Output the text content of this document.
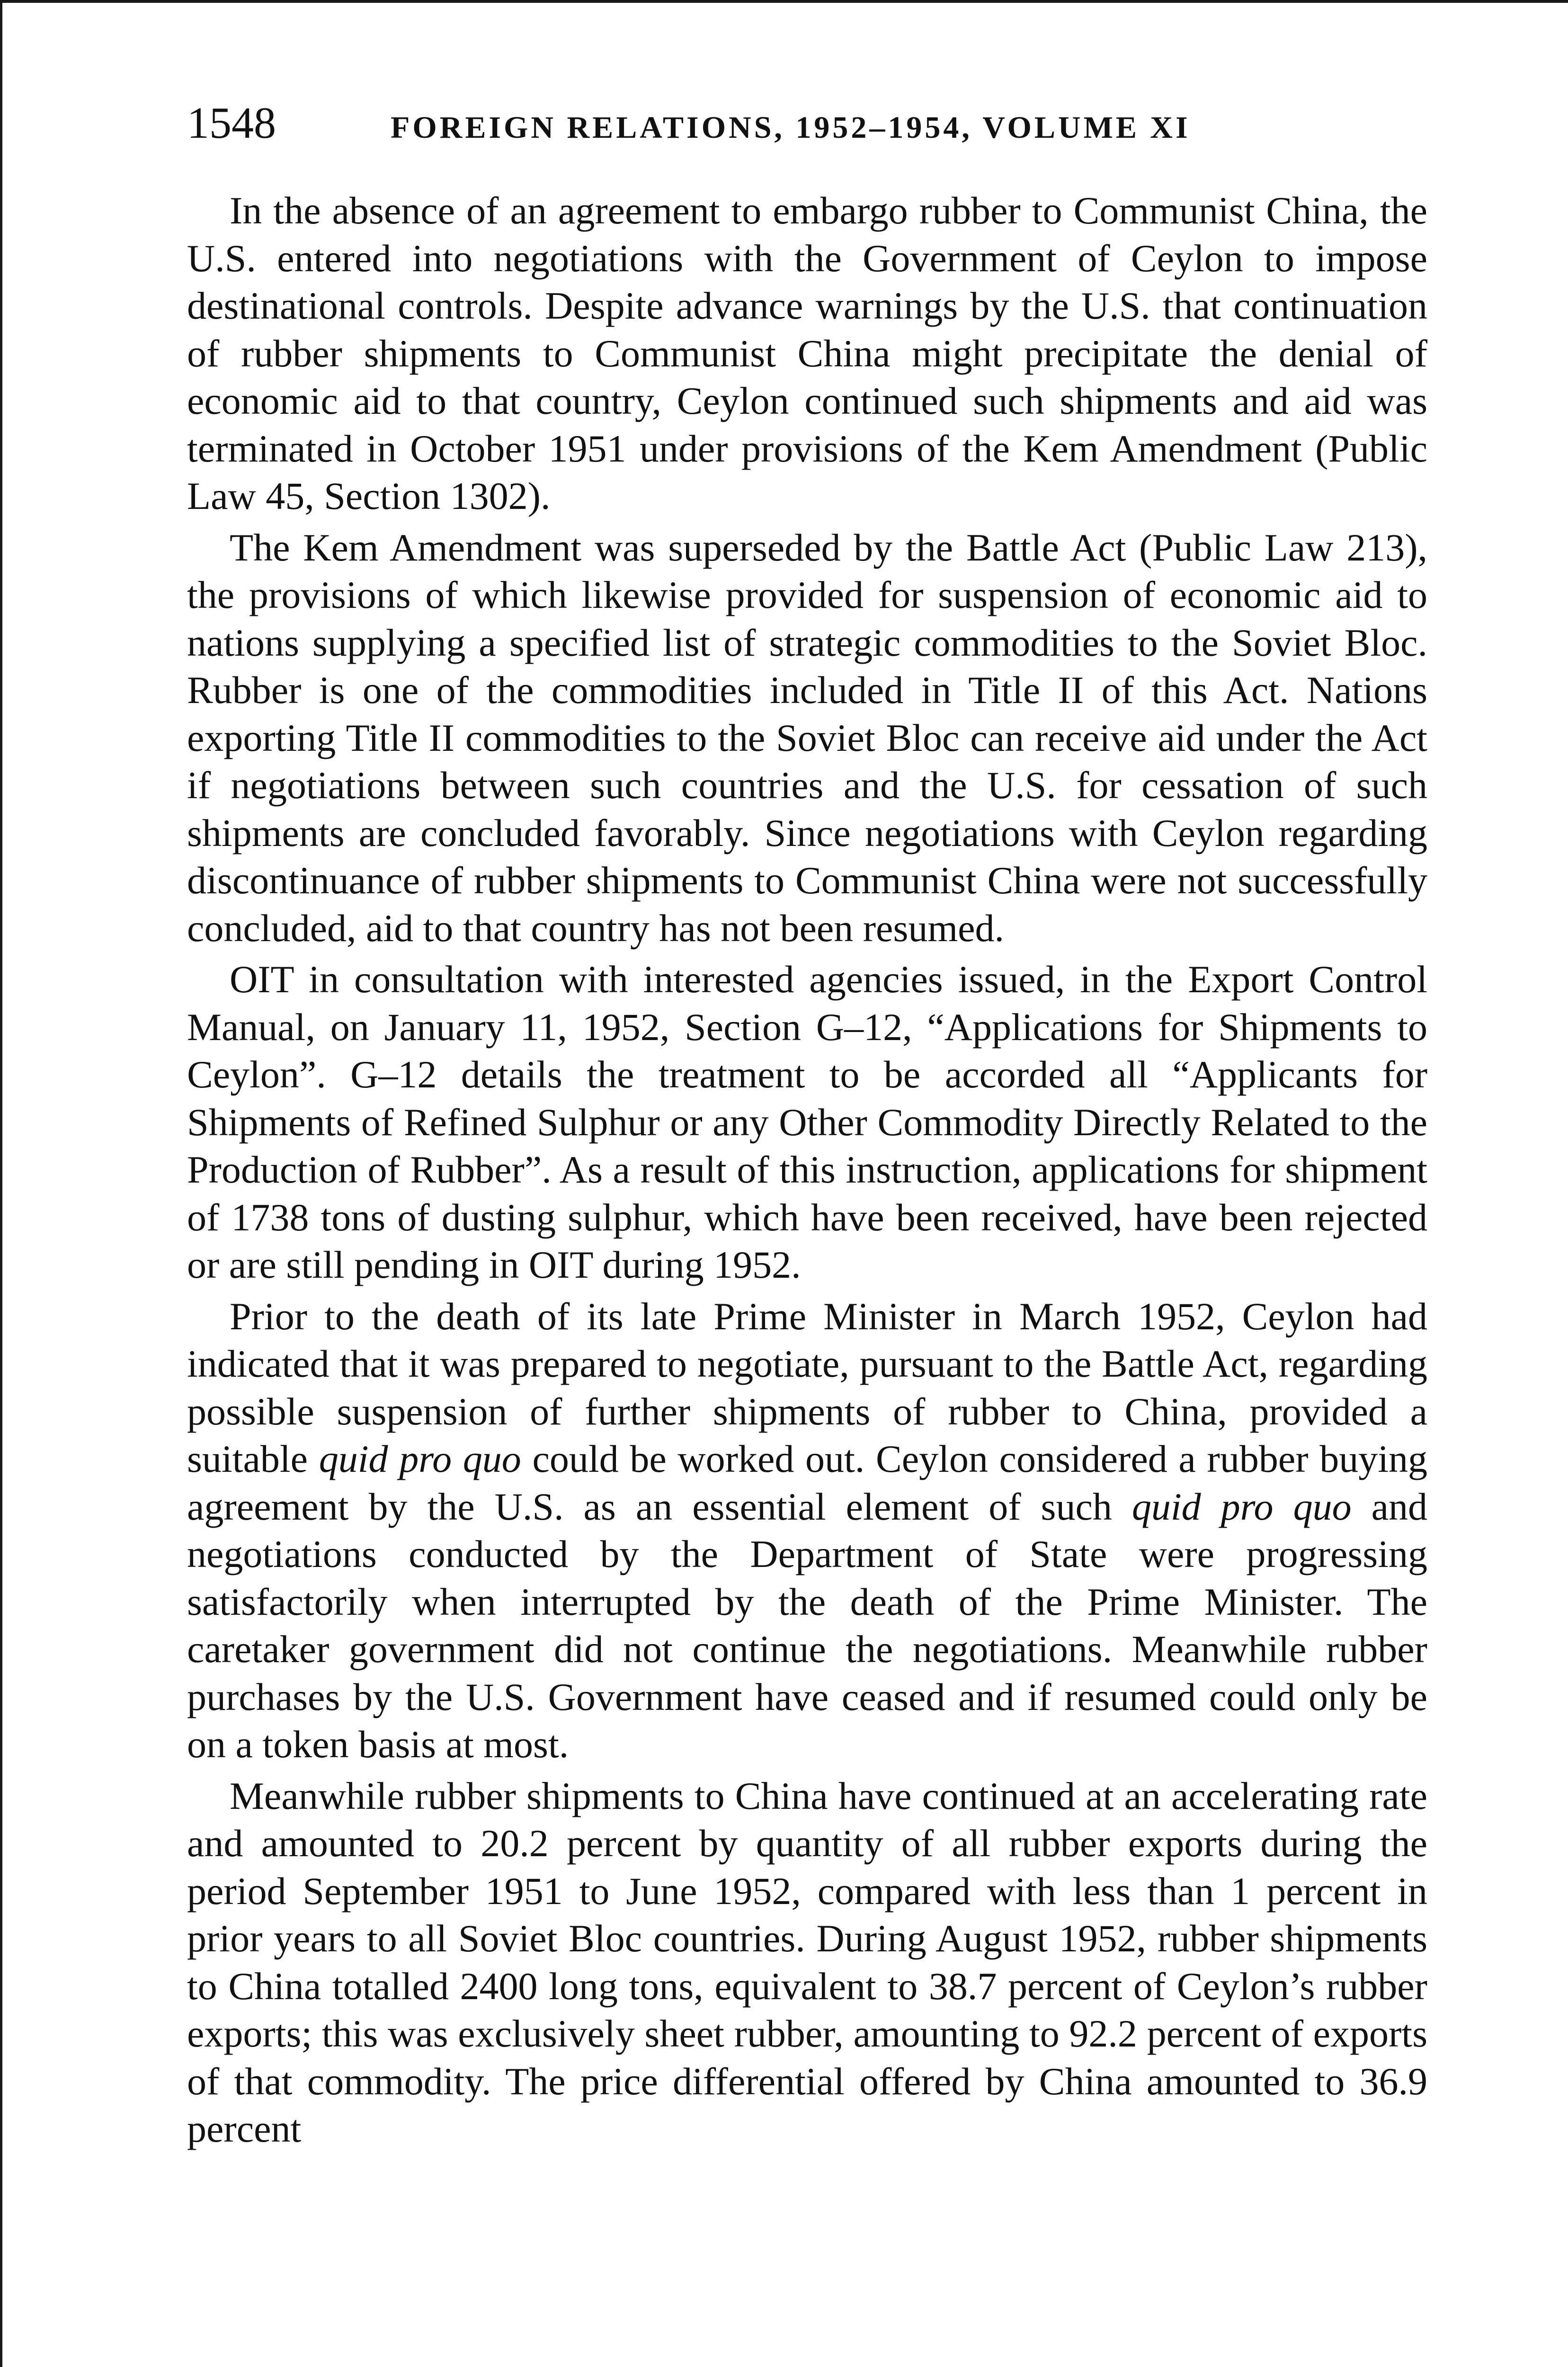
1548	FOREIGN RELATIONS, 1952–1954, VOLUME XI

In the absence of an agreement to embargo rubber to Communist China, the U.S. entered into negotiations with the Government of Ceylon to impose destinational controls. Despite advance warnings by the U.S. that continuation of rubber shipments to Communist China might precipitate the denial of economic aid to that country, Ceylon continued such shipments and aid was terminated in October 1951 under provisions of the Kem Amendment (Public Law 45, Section 1302).

The Kem Amendment was superseded by the Battle Act (Public Law 213), the provisions of which likewise provided for suspension of economic aid to nations supplying a specified list of strategic commodities to the Soviet Bloc. Rubber is one of the commodities included in Title II of this Act. Nations exporting Title II commodities to the Soviet Bloc can receive aid under the Act if negotiations between such countries and the U.S. for cessation of such shipments are concluded favorably. Since negotiations with Ceylon regarding discontinuance of rubber shipments to Communist China were not successfully concluded, aid to that country has not been resumed.

OIT in consultation with interested agencies issued, in the Export Control Manual, on January 11, 1952, Section G–12, “Applications for Shipments to Ceylon”. G–12 details the treatment to be accorded all “Applicants for Shipments of Refined Sulphur or any Other Commodity Directly Related to the Production of Rubber”. As a result of this instruction, applications for shipment of 1738 tons of dusting sulphur, which have been received, have been rejected or are still pending in OIT during 1952.

Prior to the death of its late Prime Minister in March 1952, Ceylon had indicated that it was prepared to negotiate, pursuant to the Battle Act, regarding possible suspension of further shipments of rubber to China, provided a suitable quid pro quo could be worked out. Ceylon considered a rubber buying agreement by the U.S. as an essential element of such quid pro quo and negotiations conducted by the Department of State were progressing satisfactorily when interrupted by the death of the Prime Minister. The caretaker government did not continue the negotiations. Meanwhile rubber purchases by the U.S. Government have ceased and if resumed could only be on a token basis at most.

Meanwhile rubber shipments to China have continued at an accelerating rate and amounted to 20.2 percent by quantity of all rubber exports during the period September 1951 to June 1952, compared with less than 1 percent in prior years to all Soviet Bloc countries. During August 1952, rubber shipments to China totalled 2400 long tons, equivalent to 38.7 percent of Ceylon’s rubber exports; this was exclusively sheet rubber, amounting to 92.2 percent of exports of that commodity. The price differential offered by China amounted to 36.9 percent
